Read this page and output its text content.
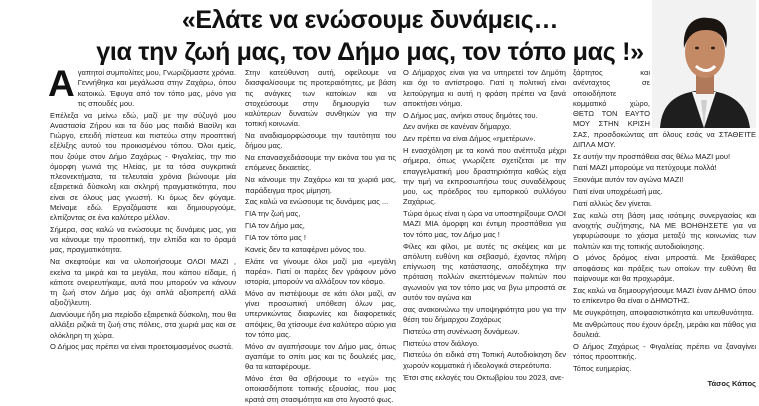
«Ελάτε να ενώσουμε δυνάμεις…
για την ζωή μας, τον Δήμο μας, τον τόπο μας !»

Αγαπητοί συμπολίτες μου, Γνωριζόμαστε χρόνια. Γεννήθηκα και μεγάλωσα στην Ζαχάρω, όπου κατοικώ. Έφυγα από τον τόπο μας, μόνο για τις σπουδές μου.

Επέλεξα να μείνω εδώ, μαζί με την σύζυγό μου Αναστασία Ζήρου και τα δύο μας παιδιά Βασίλη και Γιώργο, επειδή πίστευα και πιστεύω στην προοπτική εξέλιξης αυτού του προικισμένου τόπου. Όλοι εμείς, που ζούμε στον Δήμο Ζαχάρως - Φιγαλείας, την πιο όμορφη γωνιά της Ηλείας, με τα τόσα συγκριτικά πλεονεκτήματα, τα τελευταία χρόνια βιώνουμε μία εξαιρετικά δύσκολη και σκληρή πραγματικότητα, που είναι σε όλους μας γνωστή. Κι όμως δεν φύγαμε. Μείναμε εδώ. Εργαζόμαστε και δημιουργούμε, ελπίζοντας σε ένα καλύτερο μέλλον.

Σήμερα, σας καλώ να ενώσουμε τις δυνάμεις μας, για να κάνουμε την προοπτική, την ελπίδα και το όραμά μας, πραγματικότητα.

Να σκεφτούμε και να υλοποιήσουμε ΟΛΟΙ ΜΑΖΙ , εκείνα τα μικρά και τα μεγάλα, που κάπου είδαμε, ή κάποτε ονειρευτήκαμε, αυτά που μπορούν να κάνουν τη ζωή στον Δήμο μας όχι απλά αξιοπρεπή αλλά αξιοζήλευτη.

Διανύουμε ήδη μια περίοδο εξαιρετικά δύσκολη, που θα αλλάξει ριζικά τη ζωή στις πόλεις, στα χωριά μας και σε ολόκληρη τη χώρα.

Ο Δήμος μας πρέπει να είναι προετοιμασμένος σωστά.

Στην κατεύθυνση αυτή, οφείλουμε να διασφαλίσουμε τις προτεραιότητες, με βάση τις ανάγκες των κατοίκων και να στοχεύσουμε στην δημιουργία των καλύτερων δυνατών συνθηκών για την τοπική κοινωνία.

Να αναδιαμορφώσουμε την ταυτότητα του δήμου μας.

Να επανασχεδιάσουμε την εικόνα του για τις επόμενες δεκαετίες.

Να κάνουμε την Ζαχάρω και τα χωριά μας, παράδειγμα προς μίμηση.

Σας καλώ να ενώσουμε τις δυνάμεις μας ...

ΓΙΑ την ζωή μας,

ΓΙΑ τον Δήμο μας,

ΓΙΑ τον τόπο μας !

Κανείς δεν τα καταφέρνει μόνος του.

Ελάτε να γίνουμε όλοι μαζί μια «μεγάλη παρέα». Γιατί οι παρέες δεν γράφουν μόνο ιστορία, μπορούν να αλλάξουν τον κόσμο.

Μόνο αν πιστέψουμε σε κάτι όλοι μαζί, αν γίνει προσωπική υπόθεση όλων μας, υπερνικώντας διαφωνίες και διαφορετικές απόψεις, θα χτίσουμε ένα καλύτερο αύριο για τον τόπο μας.

Μόνο αν αγαπήσουμε τον Δήμο μας, όπως αγαπάμε το σπίτι μας και τις δουλειές μας, θα τα καταφέρουμε.

Μόνο έτσι θα σβήσουμε το «εγώ» της οποιασδήποτε τοπικής εξουσίας, που μας κρατά στη στασιμότητα και στο λιγοστό φως.

Ο Δήμαρχος είναι για να υπηρετεί τον Δημότη και όχι το αντίστροφο. Γιατί η πολιτική είναι λειτούργημα κι αυτή η φράση πρέπει να ξανά αποκτήσει νόημα.

Ο Δήμος μας, ανήκει στους δημότες του.

Δεν ανήκει σε κανέναν δήμαρχο.

Δεν πρέπει να είναι Δήμος «ημετέρων».

Η ενασχόληση με τα κοινά που ανέπτυξα μέχρι σήμερα, όπως γνωρίζετε σχετίζεται με την επαγγελματική μου δραστηριότητα καθώς είχα την τιμή να εκπροσωπήσω τους συναδέλφους μου, ως πρόεδρος του εμπορικού συλλόγου Ζαχάρως.

Τώρα όμως είναι η ώρα να υποστηρίξουμε ΟΛΟΙ ΜΑΖΙ ΜΙΑ όμορφη και έντιμη προσπάθεια για τον τόπο μας, τον Δήμο μας !

Φίλες και φίλοι, με αυτές τις σκέψεις και με απόλυτη ευθύνη και σεβασμό, έχοντας πλήρη επίγνωση της κατάστασης, αποδέχτηκα την πρόταση πολλών σκεπτόμενων πολιτών που αγωνιούν για τον τόπο μας να βγω μπροστά σε αυτόν τον αγώνα και

σας ανακοινώνω την υποψηφιότητα μου για την θέση του δήμαρχου Ζαχάρως

Πιστεύω στη συνένωση δυνάμεων.

Πιστεύω στον διάλογο.

Πιστεύω ότι ειδικά στη Τοπική Αυτοδιοίκηση δεν χωρούν κομματικά ή ιδεολογικά στερεότυπα.

Έτσι στις εκλογές του Οκτωβρίου του 2023, ανε-

ξάρτητος και ανένταχτος σε οποιοδήποτε κομματικό χώρο, ΘΕΤΩ ΤΟΝ ΕΑΥΤΟ ΜΟΥ ΣΤΗΝ ΚΡΙΣΗ ΣΑΣ, προσδοκώντας απ όλους εσάς να ΣΤΑΘΕΊΤΕ ΔΙΠΛΑ ΜΟΥ.

Σε αυτήν την προσπάθεια σας θέλω ΜΑΖΙ μου!

Γιατί ΜΑΖΙ μπορούμε να πετύχουμε πολλά!

Ξεκινάμε αυτόν τον αγώνα ΜΑΖΙ!

Γιατί είναι υποχρέωσή μας.

Γιατί αλλιώς δεν γίνεται.

Σας καλώ στη βάση μιας ισότιμης συνεργασίας και ανοιχτής συζήτησης, ΝΑ ΜΕ ΒΟΗΘΗΣΕΤΕ για να γεφυρώσουμε το χάσμα μεταξύ της κοινωνίας των πολιτών και της τοπικής αυτοδιοίκησης.

Ο μόνος δρόμος είναι μπροστά. Με ξεκάθαρες αποφάσεις και πράξεις των οποίων την ευθύνη θα παίρνουμε και θα προχωράμε.

Σας καλώ να δημιουργήσουμε ΜΑΖΙ έναν ΔΗΜΟ όπου το επίκεντρο θα είναι ο ΔΗΜΟΤΗΣ.

Με συγκρότηση, αποφασιστικότητα και υπευθυνότητα.

Με ανθρώπους που έχουν όρεξη, μεράκι και πάθος για δουλειά.

Ο Δήμος Ζαχάρως - Φιγαλείας πρέπει να ξαναγίνει τόπος προοπτικής.

Τόπος ευημερίας.

Τάσος Κάπος
